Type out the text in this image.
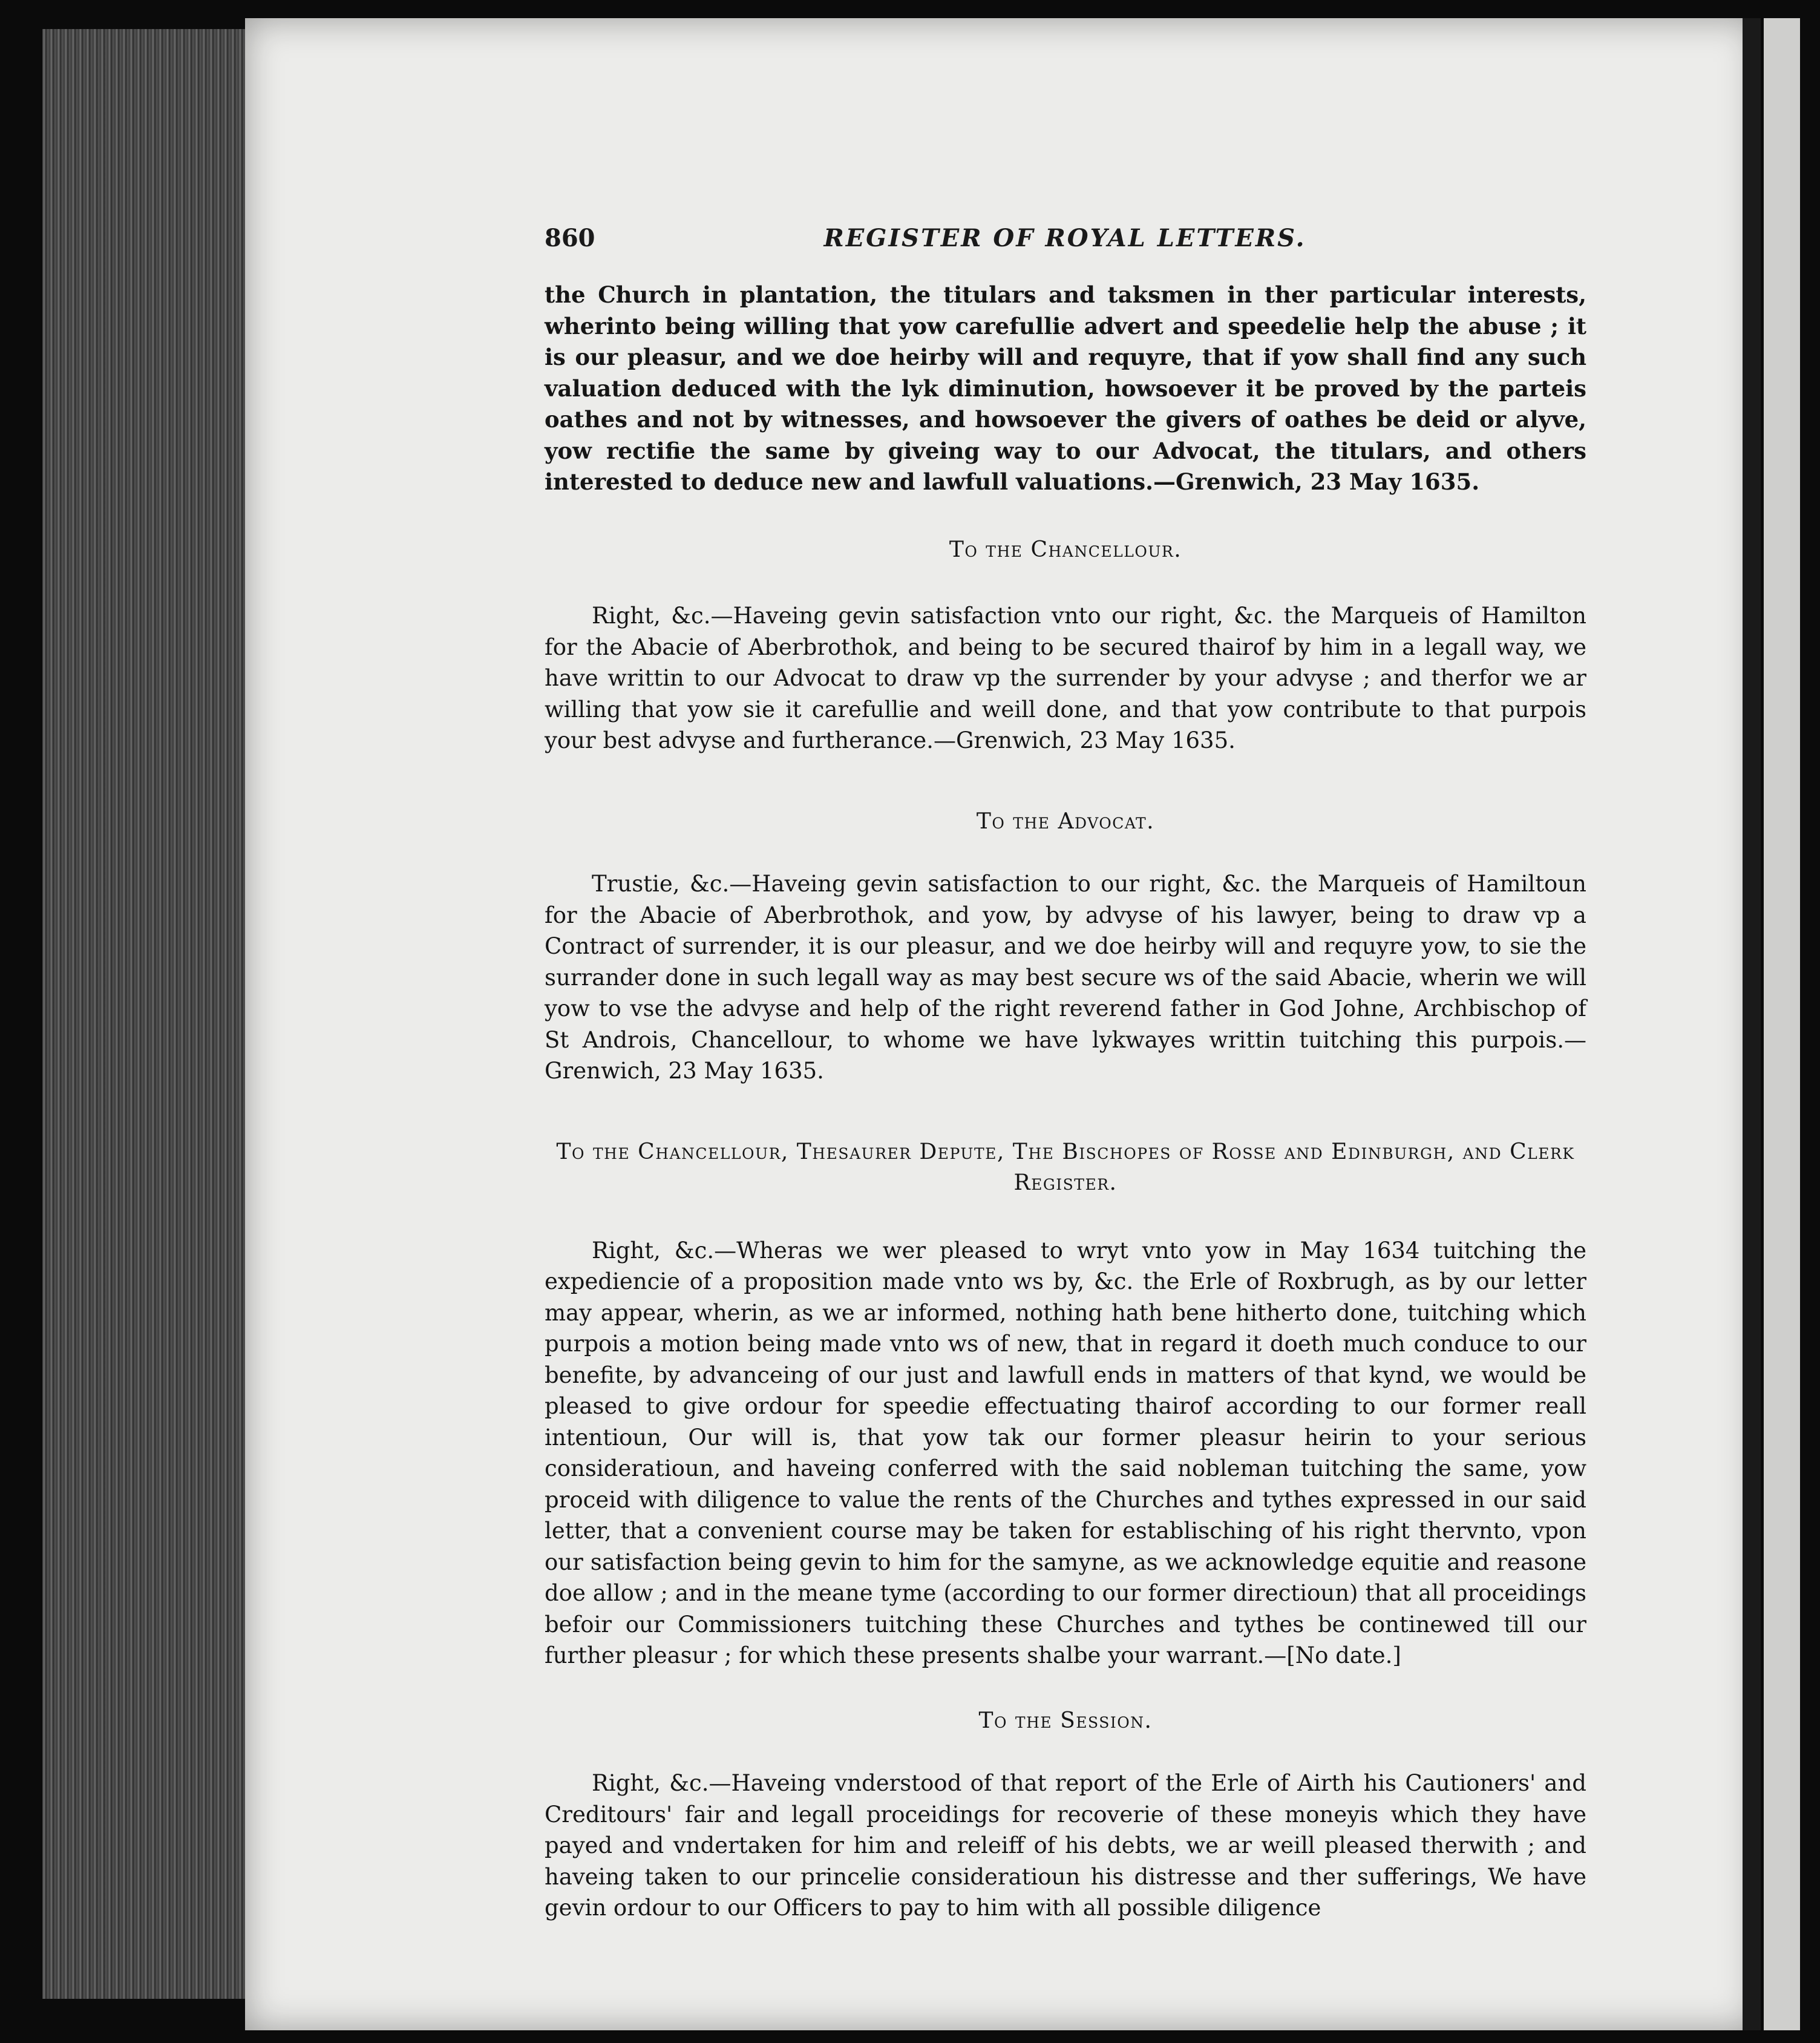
860	REGISTER OF ROYAL LETTERS.

the Church in plantation, the titulars and taksmen in ther particular interests, wherinto being willing that yow carefullie advert and speedelie help the abuse ; it is our pleasur, and we doe heirby will and requyre, that if yow shall find any such valuation deduced with the lyk diminution, howsoever it be proved by the parteis oathes and not by witnesses, and howsoever the givers of oathes be deid or alyve, yow rectifie the same by giveing way to our Advocat, the titulars, and others interested to deduce new and lawfull valuations.—Grenwich, 23 May 1635.

To the Chancellour.

Right, &c.—Haveing gevin satisfaction vnto our right, &c. the Marqueis of Hamilton for the Abacie of Aberbrothok, and being to be secured thairof by him in a legall way, we have writtin to our Advocat to draw vp the surrender by your advyse ; and therfor we ar willing that yow sie it carefullie and weill done, and that yow contribute to that purpois your best advyse and furtherance.—Grenwich, 23 May 1635.

To the Advocat.

Trustie, &c.—Haveing gevin satisfaction to our right, &c. the Marqueis of Hamiltoun for the Abacie of Aberbrothok, and yow, by advyse of his lawyer, being to draw vp a Contract of surrender, it is our pleasur, and we doe heirby will and requyre yow, to sie the surrander done in such legall way as may best secure ws of the said Abacie, wherin we will yow to vse the advyse and help of the right reverend father in God Johne, Archbischop of St Androis, Chancellour, to whome we have lykwayes writtin tuitching this purpois.—Grenwich, 23 May 1635.

To the Chancellour, Thesaurer Depute, The Bischopes of Rosse and Edinburgh, and Clerk Register.

Right, &c.—Wheras we wer pleased to wryt vnto yow in May 1634 tuitching the expediencie of a proposition made vnto ws by, &c. the Erle of Roxbrugh, as by our letter may appear, wherin, as we ar informed, nothing hath bene hitherto done, tuitching which purpois a motion being made vnto ws of new, that in regard it doeth much conduce to our benefite, by advanceing of our just and lawfull ends in matters of that kynd, we would be pleased to give ordour for speedie effectuating thairof according to our former reall intentioun, Our will is, that yow tak our former pleasur heirin to your serious consideratioun, and haveing conferred with the said nobleman tuitching the same, yow proceid with diligence to value the rents of the Churches and tythes expressed in our said letter, that a convenient course may be taken for establisching of his right thervnto, vpon our satisfaction being gevin to him for the samyne, as we acknowledge equitie and reasone doe allow ; and in the meane tyme (according to our former directioun) that all proceidings befoir our Commissioners tuitching these Churches and tythes be continewed till our further pleasur ; for which these presents shalbe your warrant.—[No date.]

To the Session.

Right, &c.—Haveing vnderstood of that report of the Erle of Airth his Cautioners' and Creditours' fair and legall proceidings for recoverie of these moneyis which they have payed and vndertaken for him and releiff of his debts, we ar weill pleased therwith ; and haveing taken to our princelie consideratioun his distresse and ther sufferings, We have gevin ordour to our Officers to pay to him with all possible diligence
